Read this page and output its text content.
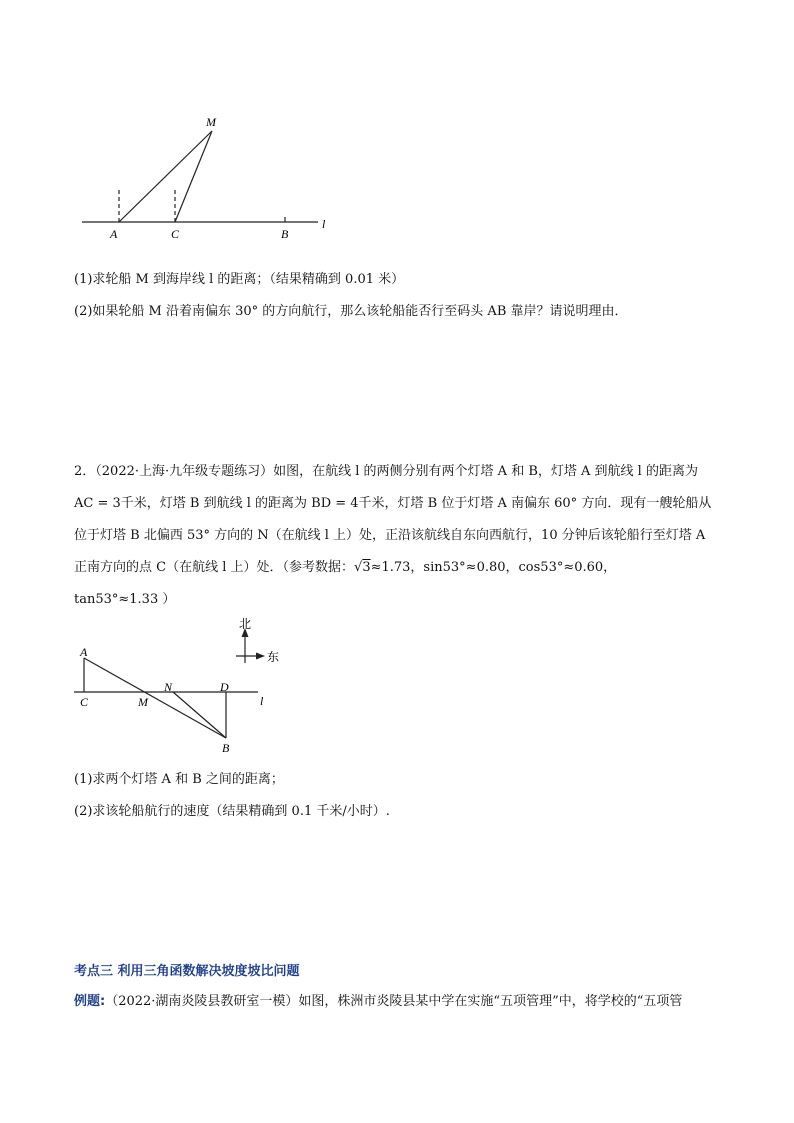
M
A	C	B
l
(1)求轮船 M 到海岸线 l 的距离；（结果精确到 0.01 米）
(2)如果轮船 M 沿着南偏东 30° 的方向航行，那么该轮船能否行至码头 AB 靠岸？请说明理由．
2．（2022·上海·九年级专题练习）如图，在航线 l 的两侧分别有两个灯塔 A 和 B，灯塔 A 到航线 l 的距离为
AC = 3千米，灯塔 B 到航线 l 的距离为 BD = 4千米，灯塔 B 位于灯塔 A 南偏东 60° 方向．现有一艘轮船从
位于灯塔 B 北偏西 53° 方向的 N（在航线 l 上）处，正沿该航线自东向西航行，10 分钟后该轮船行至灯塔 A
正南方向的点 C（在航线 l 上）处．（参考数据：√3≈1.73，sin53°≈0.80，cos53°≈0.60，
tan53°≈1.33 ）
北
东
A
C	M
N	D
B
l
(1)求两个灯塔 A 和 B 之间的距离；
(2)求该轮船航行的速度（结果精确到 0.1 千米/小时）.
考点三 利用三角函数解决坡度坡比问题
例题:（2022·湖南炎陵县教研室一模）如图，株洲市炎陵县某中学在实施“五项管理”中，将学校的“五项管
